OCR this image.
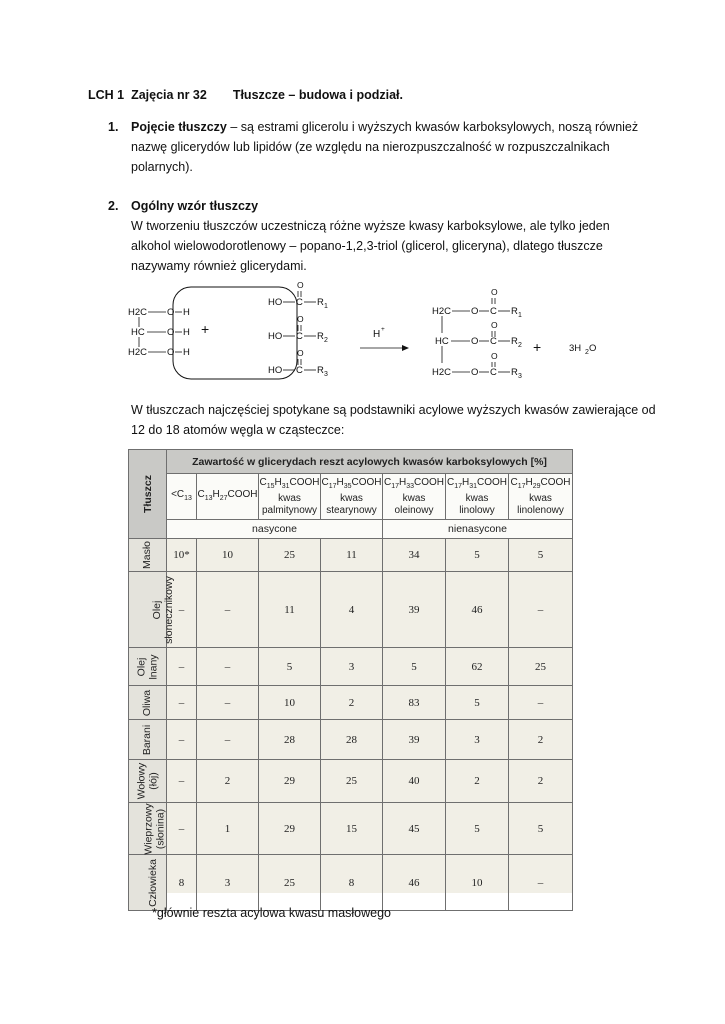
LCH 1 Zajęcia nr 32 Tłuszcze – budowa i podział.
1. Pojęcie tłuszczy – są estrami glicerolu i wyższych kwasów karboksylowych, noszą również
nazwę glicerydów lub lipidów (ze względu na nierozpuszczalność w rozpuszczalnikach
polarnych).
2. Ogólny wzór tłuszczy
W tworzeniu tłuszczów uczestniczą różne wyższe kwasy karboksylowe, ale tylko jeden
alkohol wielowodorotlenowy – popano-1,2,3-triol (glicerol, gliceryna), dlatego tłuszcze
nazywamy również glicerydami.
H2C O H
HC O H
H2C O H
+
O
HO C R 1
O
HO C R 2
O
HO C R 3
H +
O
H2C O C R 1
O
HC O C R 2
O
H2C O C R 3
+	3H 2 O
W tłuszczach najczęściej spotykane są podstawniki acylowe wyższych kwasów zawierające od
12 do 18 atomów węgla w cząsteczce:
Tłuszcz	Zawartość w glicerydach reszt acylowych kwasów karboksylowych [%]						
	$<C_{13}$	$C_{13}H_{27}COOH$	$C_{15}H_{31}COOH$
kwas
palmitynowy	$C_{17}H_{35}COOH$
kwas
stearynowy	$C_{17}H_{33}COOH$
kwas
oleinowy	$C_{17}H_{31}COOH$
kwas
linolowy	$C_{17}H_{29}COOH$
kwas
linolenowy
	nasycone				nienasycone		
Masło	10*	10	25	11	34	5	5
Olej
słonecznikowy	–	–	11	4	39	46	–
Olej
lnany	–	–	5	3	5	62	25
Oliwa	–	–	10	2	83	5	–
Barani	–	–	28	28	39	3	2
Wołowy
(łój)	–	2	29	25	40	2	2
Wieprzowy
(słonina)	–	1	29	15	45	5	5
Człowieka	8	3	25	8	46	10	–
*głównie reszta acylowa kwasu masłowego
